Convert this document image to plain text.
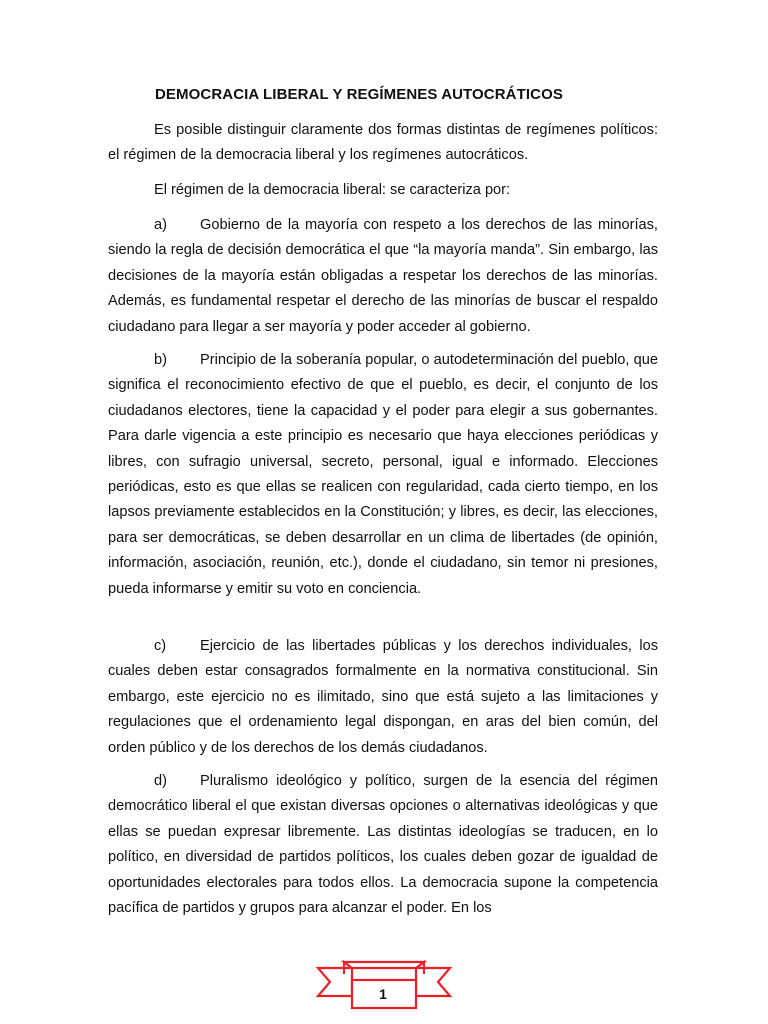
DEMOCRACIA LIBERAL Y REGÍMENES AUTOCRÁTICOS

Es posible distinguir claramente dos formas distintas de regímenes políticos: el régimen de la democracia liberal y los regímenes autocráticos.

El régimen de la democracia liberal: se caracteriza por:

a) Gobierno de la mayoría con respeto a los derechos de las minorías, siendo la regla de decisión democrática el que “la mayoría manda”. Sin embargo, las decisiones de la mayoría están obligadas a respetar los derechos de las minorías. Además, es fundamental respetar el derecho de las minorías de buscar el respaldo ciudadano para llegar a ser mayoría y poder acceder al gobierno.

b) Principio de la soberanía popular, o autodeterminación del pueblo, que significa el reconocimiento efectivo de que el pueblo, es decir, el conjunto de los ciudadanos electores, tiene la capacidad y el poder para elegir a sus gobernantes. Para darle vigencia a este principio es necesario que haya elecciones periódicas y libres, con sufragio universal, secreto, personal, igual e informado. Elecciones periódicas, esto es que ellas se realicen con regularidad, cada cierto tiempo, en los lapsos previamente establecidos en la Constitución; y libres, es decir, las elecciones, para ser democráticas, se deben desarrollar en un clima de libertades (de opinión, información, asociación, reunión, etc.), donde el ciudadano, sin temor ni presiones, pueda informarse y emitir su voto en conciencia.

c) Ejercicio de las libertades públicas y los derechos individuales, los cuales deben estar consagrados formalmente en la normativa constitucional. Sin embargo, este ejercicio no es ilimitado, sino que está sujeto a las limitaciones y regulaciones que el ordenamiento legal dispongan, en aras del bien común, del orden público y de los derechos de los demás ciudadanos.

d) Pluralismo ideológico y político, surgen de la esencia del régimen democrático liberal el que existan diversas opciones o alternativas ideológicas y que ellas se puedan expresar libremente. Las distintas ideologías se traducen, en lo político, en diversidad de partidos políticos, los cuales deben gozar de igualdad de oportunidades electorales para todos ellos. La democracia supone la competencia pacífica de partidos y grupos para alcanzar el poder. En los

1
